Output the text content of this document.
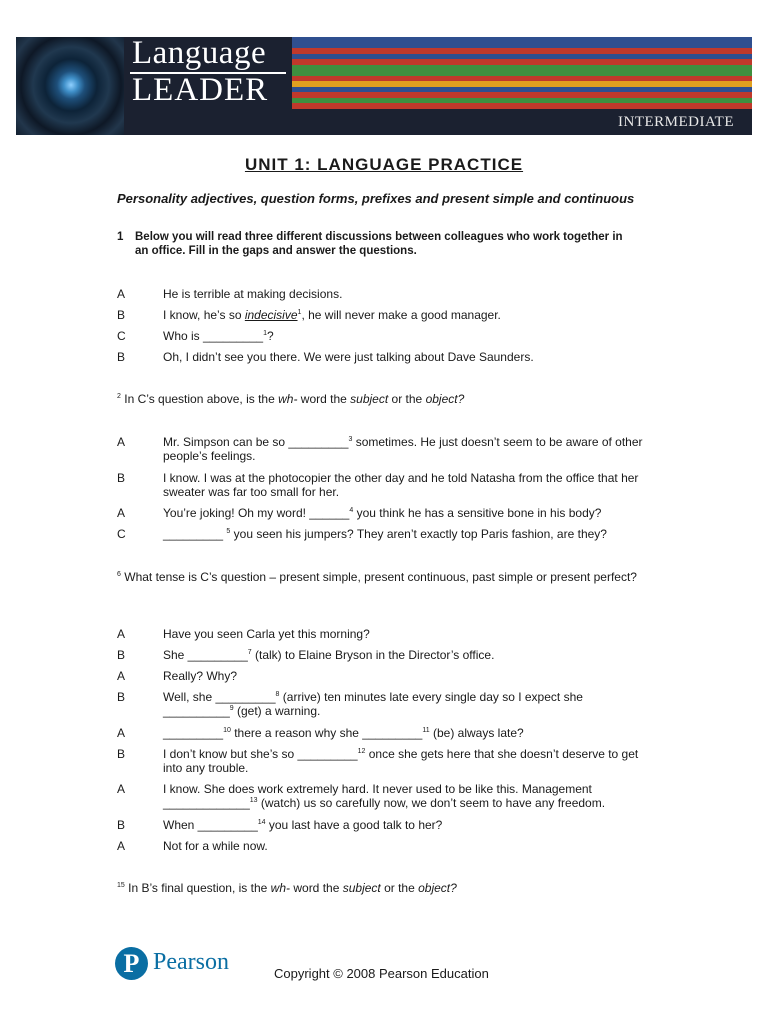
Language
LEADER
INTERMEDIATE
UNIT 1: LANGUAGE PRACTICE
Personality adjectives, question forms, prefixes and present simple and continuous
1 Below you will read three different discussions between colleagues who work together in an office. Fill in the gaps and answer the questions.
A	He is terrible at making decisions.
B	I know, he’s so indecisive$^1$, he will never make a good manager.
C	Who is _________$^1$?
B	Oh, I didn’t see you there. We were just talking about Dave Saunders.
$^2$ In C’s question above, is the wh- word the subject or the object?
A	Mr. Simpson can be so _________$^3$ sometimes. He just doesn’t seem to be aware of other people’s feelings.
B	I know. I was at the photocopier the other day and he told Natasha from the office that her sweater was far too small for her.
A	You’re joking! Oh my word! ______$^4$ you think he has a sensitive bone in his body?
C	_________ $^5$ you seen his jumpers? They aren’t exactly top Paris fashion, are they?
$^6$ What tense is C’s question – present simple, present continuous, past simple or present perfect?
A	Have you seen Carla yet this morning?
B	She _________$^7$ (talk) to Elaine Bryson in the Director’s office.
A	Really? Why?
B	Well, she _________$^8$ (arrive) ten minutes late every single day so I expect she __________$^9$ (get) a warning.
A	_________$^{10}$ there a reason why she _________$^{11}$ (be) always late?
B	I don’t know but she’s so _________$^{12}$ once she gets here that she doesn’t deserve to get into any trouble.
A	I know. She does work extremely hard. It never used to be like this. Management _____________$^{13}$ (watch) us so carefully now, we don’t seem to have any freedom.
B	When _________$^{14}$ you last have a good talk to her?
A	Not for a while now.
$^{15}$ In B’s final question, is the wh- word the subject or the object?
P Pearson	Copyright © 2008 Pearson Education
